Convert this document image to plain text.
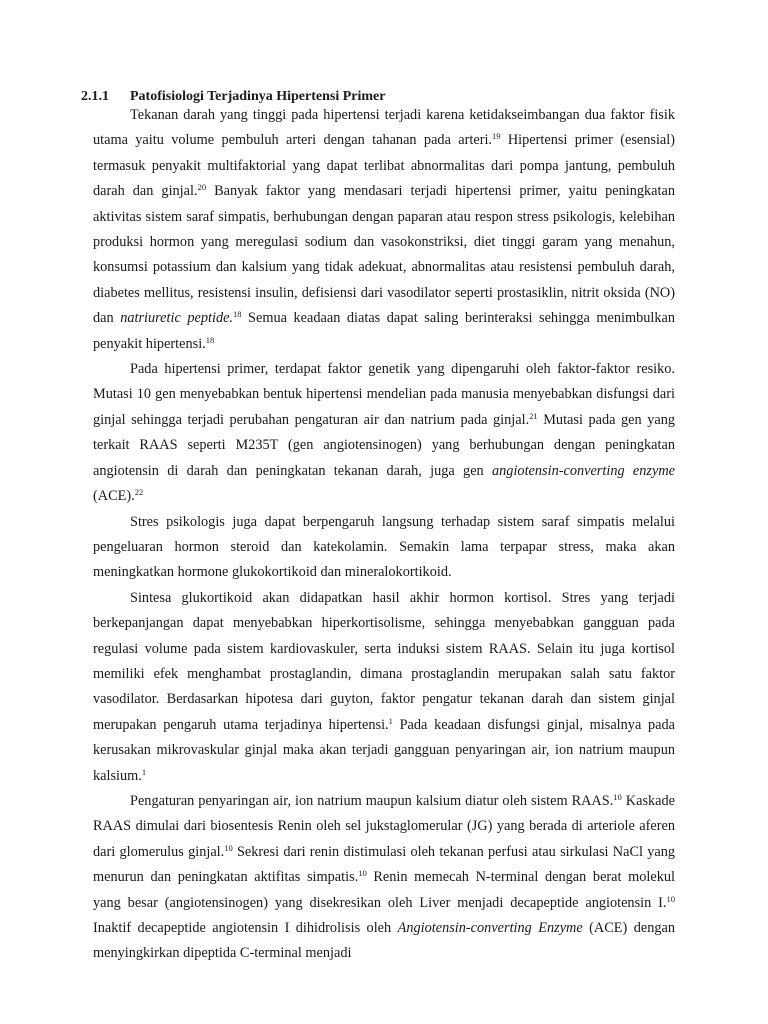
2.1.1 Patofisiologi Terjadinya Hipertensi Primer

Tekanan darah yang tinggi pada hipertensi terjadi karena ketidakseimbangan dua faktor fisik utama yaitu volume pembuluh arteri dengan tahanan pada arteri.$^{19}$ Hipertensi primer (esensial) termasuk penyakit multifaktorial yang dapat terlibat abnormalitas dari pompa jantung, pembuluh darah dan ginjal.$^{20}$ Banyak faktor yang mendasari terjadi hipertensi primer, yaitu peningkatan aktivitas sistem saraf simpatis, berhubungan dengan paparan atau respon stress psikologis, kelebihan produksi hormon yang meregulasi sodium dan vasokonstriksi, diet tinggi garam yang menahun, konsumsi potassium dan kalsium yang tidak adekuat, abnormalitas atau resistensi pembuluh darah, diabetes mellitus, resistensi insulin, defisiensi dari vasodilator seperti prostasiklin, nitrit oksida (NO) dan natriuretic peptide.$^{18}$ Semua keadaan diatas dapat saling berinteraksi sehingga menimbulkan penyakit hipertensi.$^{18}$

Pada hipertensi primer, terdapat faktor genetik yang dipengaruhi oleh faktor-faktor resiko. Mutasi 10 gen menyebabkan bentuk hipertensi mendelian pada manusia menyebabkan disfungsi dari ginjal sehingga terjadi perubahan pengaturan air dan natrium pada ginjal.$^{21}$ Mutasi pada gen yang terkait RAAS seperti M235T (gen angiotensinogen) yang berhubungan dengan peningkatan angiotensin di darah dan peningkatan tekanan darah, juga gen angiotensin-converting enzyme (ACE).$^{22}$

Stres psikologis juga dapat berpengaruh langsung terhadap sistem saraf simpatis melalui pengeluaran hormon steroid dan katekolamin. Semakin lama terpapar stress, maka akan meningkatkan hormone glukokortikoid dan mineralokortikoid.

Sintesa glukortikoid akan didapatkan hasil akhir hormon kortisol. Stres yang terjadi berkepanjangan dapat menyebabkan hiperkortisolisme, sehingga menyebabkan gangguan pada regulasi volume pada sistem kardiovaskuler, serta induksi sistem RAAS. Selain itu juga kortisol memiliki efek menghambat prostaglandin, dimana prostaglandin merupakan salah satu faktor vasodilator. Berdasarkan hipotesa dari guyton, faktor pengatur tekanan darah dan sistem ginjal merupakan pengaruh utama terjadinya hipertensi.$^1$ Pada keadaan disfungsi ginjal, misalnya pada kerusakan mikrovaskular ginjal maka akan terjadi gangguan penyaringan air, ion natrium maupun kalsium.$^1$

Pengaturan penyaringan air, ion natrium maupun kalsium diatur oleh sistem RAAS.$^{10}$ Kaskade RAAS dimulai dari biosentesis Renin oleh sel jukstaglomerular (JG) yang berada di arteriole aferen dari glomerulus ginjal.$^{10}$ Sekresi dari renin distimulasi oleh tekanan perfusi atau sirkulasi NaCl yang menurun dan peningkatan aktifitas simpatis.$^{10}$ Renin memecah N-terminal dengan berat molekul yang besar (angiotensinogen) yang disekresikan oleh Liver menjadi decapeptide angiotensin I.$^{10}$ Inaktif decapeptide angiotensin I dihidrolisis oleh Angiotensin-converting Enzyme (ACE) dengan menyingkirkan dipeptida C-terminal menjadi
